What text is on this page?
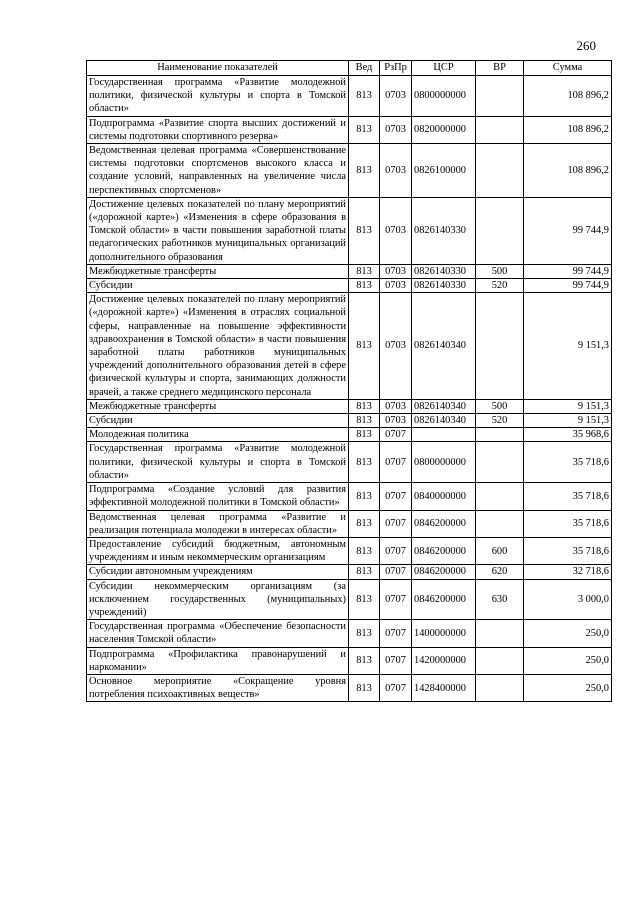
260
Наименование показателей	Вед	РзПр	ЦСР	ВР	Сумма
Государственная программа «Развитие молодежной политики, физической культуры и спорта в Томской области»	813	0703	0800000000		108 896,2
Подпрограмма «Развитие спорта высших достижений и системы подготовки спортивного резерва»	813	0703	0820000000		108 896,2
Ведомственная целевая программа «Совершенствование системы подготовки спортсменов высокого класса и создание условий, направленных на увеличение числа перспективных спортсменов»	813	0703	0826100000		108 896,2
Достижение целевых показателей по плану мероприятий («дорожной карте») «Изменения в сфере образования в Томской области» в части повышения заработной платы педагогических работников муниципальных организаций дополнительного образования	813	0703	0826140330		99 744,9
Межбюджетные трансферты	813	0703	0826140330	500	99 744,9
Субсидии	813	0703	0826140330	520	99 744,9
Достижение целевых показателей по плану мероприятий («дорожной карте») «Изменения в отраслях социальной сферы, направленные на повышение эффективности здравоохранения в Томской области» в части повышения заработной платы работников муниципальных учреждений дополнительного образования детей в сфере физической культуры и спорта, занимающих должности врачей, а также среднего медицинского персонала	813	0703	0826140340		9 151,3
Межбюджетные трансферты	813	0703	0826140340	500	9 151,3
Субсидии	813	0703	0826140340	520	9 151,3
Молодежная политика	813	0707			35 968,6
Государственная программа «Развитие молодежной политики, физической культуры и спорта в Томской области»	813	0707	0800000000		35 718,6
Подпрограмма «Создание условий для развития эффективной молодежной политики в Томской области»	813	0707	0840000000		35 718,6
Ведомственная целевая программа «Развитие и реализация потенциала молодежи в интересах области»	813	0707	0846200000		35 718,6
Предоставление субсидий бюджетным, автономным учреждениям и иным некоммерческим организациям	813	0707	0846200000	600	35 718,6
Субсидии автономным учреждениям	813	0707	0846200000	620	32 718,6
Субсидии некоммерческим организациям (за исключением государственных (муниципальных) учреждений)	813	0707	0846200000	630	3 000,0
Государственная программа «Обеспечение безопасности населения Томской области»	813	0707	1400000000		250,0
Подпрограмма «Профилактика правонарушений и наркомании»	813	0707	1420000000		250,0
Основное мероприятие «Сокращение уровня потребления психоактивных веществ»	813	0707	1428400000		250,0
